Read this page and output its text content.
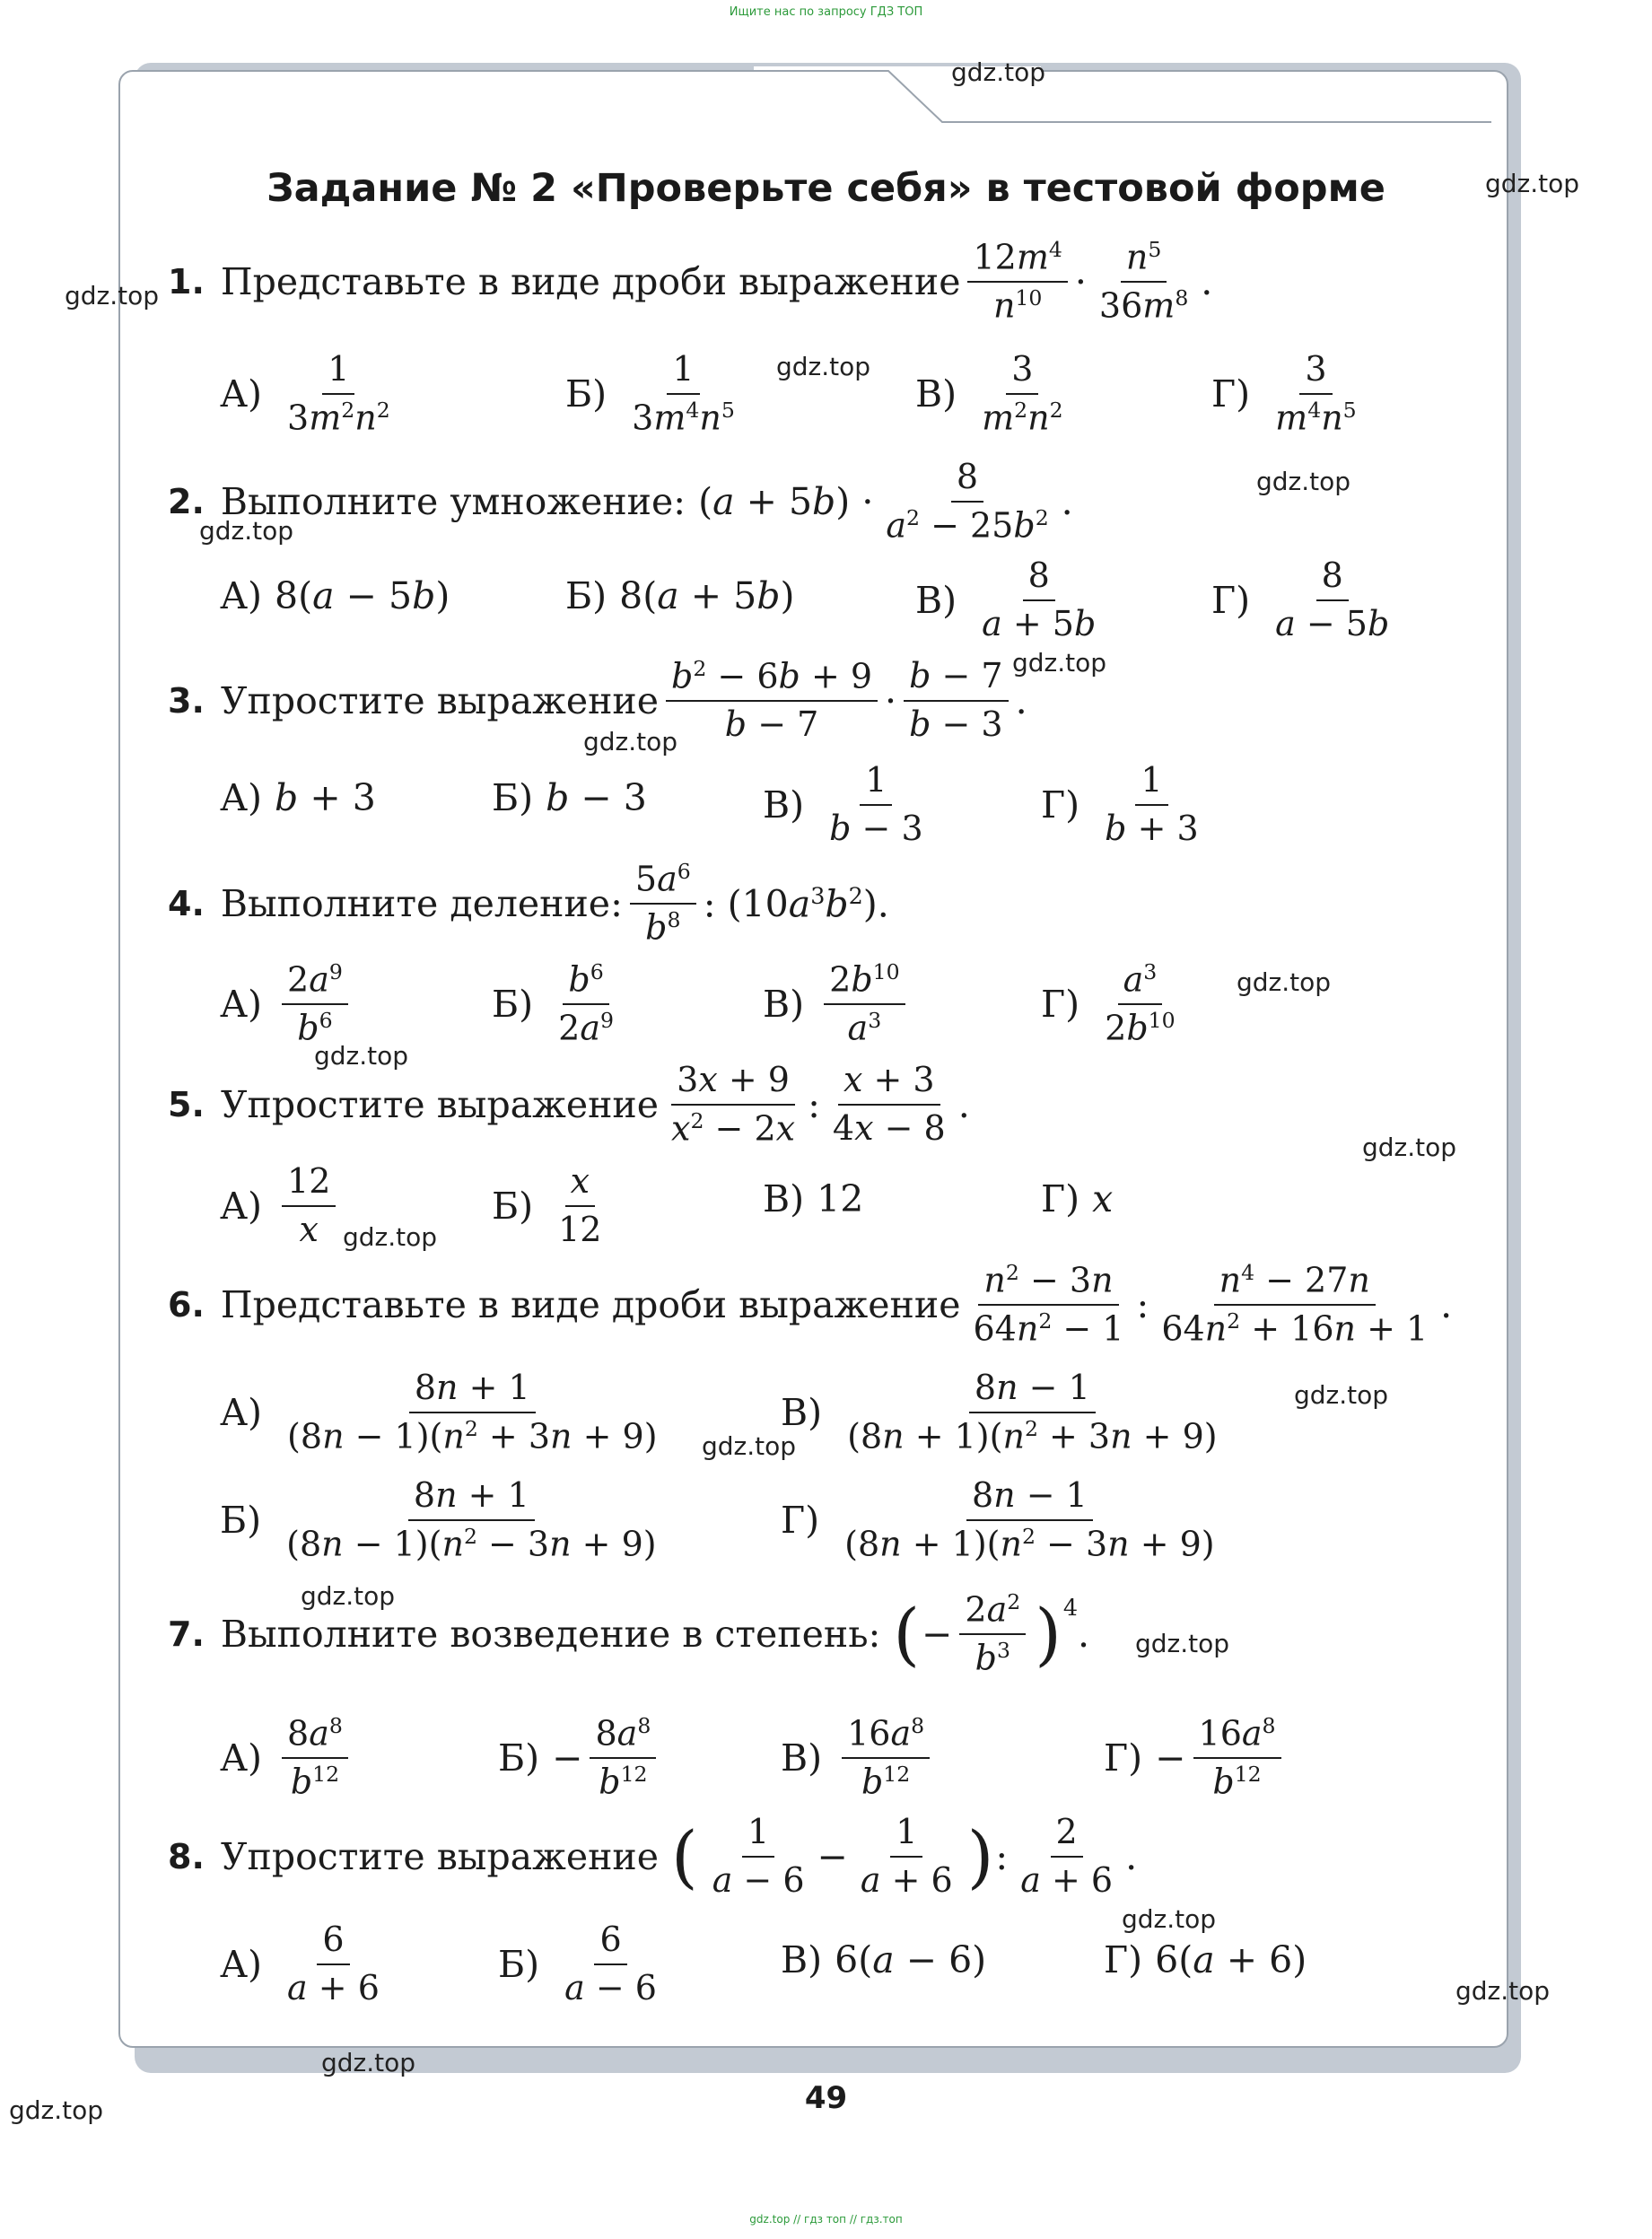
Ищите нас по запросу ГДЗ ТОП
Задание № 2 «Проверьте себя» в тестовой форме
1. Представьте в виде дроби выражение $\frac{12m^4}{n^{10}} \cdot \frac{n^5}{36m^8}$ .
$А) \frac{1}{3m^2n^2}$	$Б) \frac{1}{3m^4n^5}$	$В) \frac{3}{m^2n^2}$	$Г) \frac{3}{m^4n^5}$
2. Выполните умножение: $(a + 5b) \cdot \frac{8}{a^2 - 25b^2}$ .
А) 8(a − 5b)	Б) 8(a + 5b)	$В) \frac{8}{a + 5b}$	$Г) \frac{8}{a - 5b}$
3. Упростите выражение $\frac{b^2 - 6b + 9}{b - 7} \cdot \frac{b - 7}{b - 3}$ .
А) b + 3	Б) b − 3	$В) \frac{1}{b - 3}$	$Г) \frac{1}{b + 3}$
4. Выполните деление: $\frac{5a^6}{b^8}$ : $(10a^3b^2)$.
$А) \frac{2a^9}{b^6}$	$Б) \frac{b^6}{2a^9}$	$В) \frac{2b^{10}}{a^3}$	$Г) \frac{a^3}{2b^{10}}$
5. Упростите выражение $\frac{3x + 9}{x^2 - 2x}$ : $\frac{x + 3}{4x - 8}$ .
$А) \frac{12}{x}$	$Б) \frac{x}{12}$	В) 12	Г) x
6. Представьте в виде дроби выражение $\frac{n^2 - 3n}{64n^2 - 1}$ : $\frac{n^4 - 27n}{64n^2 + 16n + 1}$ .
$А) \frac{8n + 1}{(8n - 1)(n^2 + 3n + 9)}$	$В) \frac{8n - 1}{(8n + 1)(n^2 + 3n + 9)}$
$Б) \frac{8n + 1}{(8n - 1)(n^2 - 3n + 9)}$	$Г) \frac{8n - 1}{(8n + 1)(n^2 - 3n + 9)}$
7. Выполните возведение в степень: ( − $\frac{2a^2}{b^3} )^4$
.
$А) \frac{8a^8}{b^{12}}$	$Б) - \frac{8a^8}{b^{12}}$	$В) \frac{16a^8}{b^{12}}$	$Г) - \frac{16a^8}{b^{12}}$
8. Упростите выражение ( $\frac{1}{a - 6} - \frac{1}{a + 6}$ ) : $\frac{2}{a + 6}$ .
$А) \frac{6}{a + 6}$	$Б) \frac{6}{a - 6}$	В) 6(a − 6)	Г) 6(a + 6)
gdz.top
gdz.top
gdz.top
gdz.top
gdz.top
gdz.top
gdz.top
gdz.top
gdz.top
gdz.top
gdz.top
gdz.top
gdz.top
gdz.top
gdz.top
gdz.top
gdz.top
gdz.top
gdz.top
gdz.top	49
gdz.top // гдз топ // гдз.топ
